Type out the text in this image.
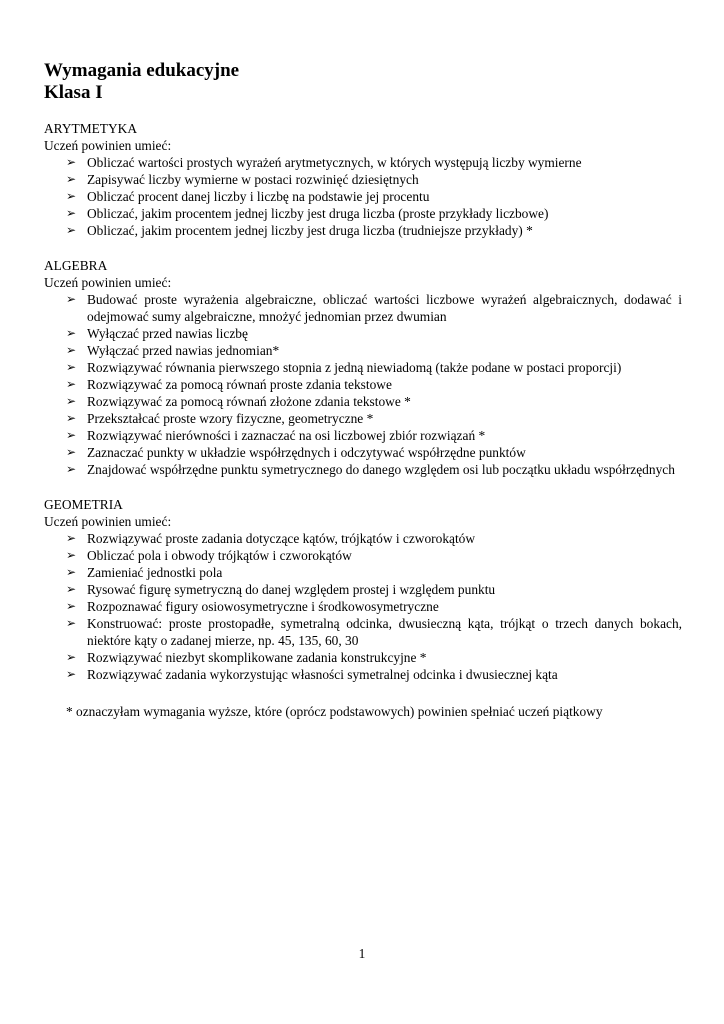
Wymagania edukacyjne
Klasa I
ARYTMETYKA
Uczeń powinien umieć:
➢ Obliczać wartości prostych wyrażeń arytmetycznych, w których występują liczby wymierne
➢ Zapisywać liczby wymierne w postaci rozwinięć dziesiętnych
➢ Obliczać procent danej liczby i liczbę na podstawie jej procentu
➢ Obliczać, jakim procentem jednej liczby jest druga liczba (proste przykłady liczbowe)
➢ Obliczać, jakim procentem jednej liczby jest druga liczba (trudniejsze przykłady) *
ALGEBRA
Uczeń powinien umieć:
➢ Budować proste wyrażenia algebraiczne, obliczać wartości liczbowe wyrażeń algebraicznych, dodawać i odejmować sumy algebraiczne, mnożyć jednomian przez dwumian
➢ Wyłączać przed nawias liczbę
➢ Wyłączać przed nawias jednomian*
➢ Rozwiązywać równania pierwszego stopnia z jedną niewiadomą (także podane w postaci proporcji)
➢ Rozwiązywać za pomocą równań proste zdania tekstowe
➢ Rozwiązywać za pomocą równań złożone zdania tekstowe *
➢ Przekształcać proste wzory fizyczne, geometryczne *
➢ Rozwiązywać nierówności i zaznaczać na osi liczbowej zbiór rozwiązań *
➢ Zaznaczać punkty w układzie współrzędnych i odczytywać współrzędne punktów
➢ Znajdować współrzędne punktu symetrycznego do danego względem osi lub początku układu współrzędnych
GEOMETRIA
Uczeń powinien umieć:
➢ Rozwiązywać proste zadania dotyczące kątów, trójkątów i czworokątów
➢ Obliczać pola i obwody trójkątów i czworokątów
➢ Zamieniać jednostki pola
➢ Rysować figurę symetryczną do danej względem prostej i względem punktu
➢ Rozpoznawać figury osiowosymetryczne i środkowosymetryczne
➢ Konstruować: proste prostopadłe, symetralną odcinka, dwusieczną kąta, trójkąt o trzech danych bokach, niektóre kąty o zadanej mierze, np. 45, 135, 60, 30
➢ Rozwiązywać niezbyt skomplikowane zadania konstrukcyjne *
➢ Rozwiązywać zadania wykorzystując własności symetralnej odcinka i dwusiecznej kąta
* oznaczyłam wymagania wyższe, które (oprócz podstawowych) powinien spełniać uczeń piątkowy
1
